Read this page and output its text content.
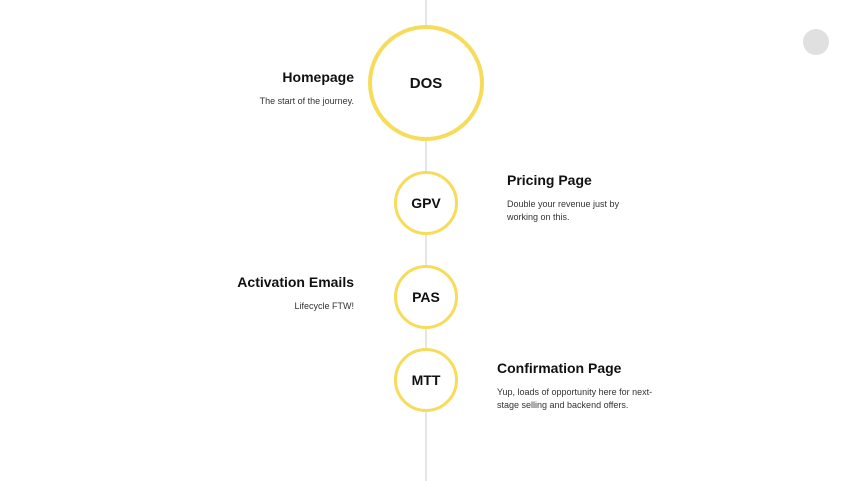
DOS
Homepage
The start of the journey.
GPV
Pricing Page
Double your revenue just by working on this.
PAS
Activation Emails
Lifecycle FTW!
MTT
Confirmation Page
Yup, loads of opportunity here for next-stage selling and backend offers.
